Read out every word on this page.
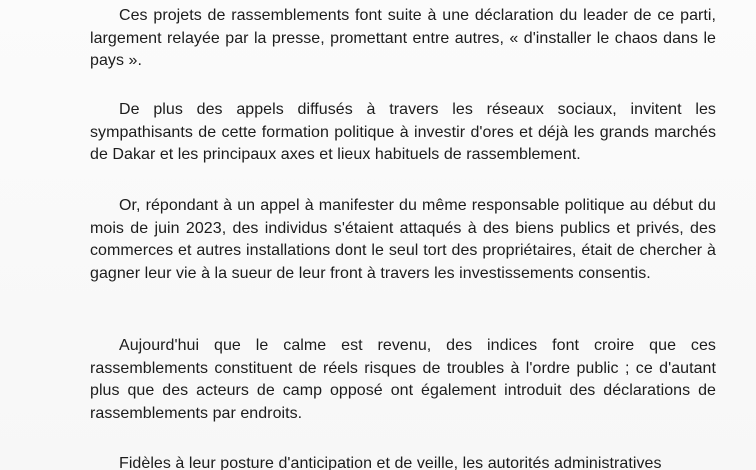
Ces projets de rassemblements font suite à une déclaration du leader de ce parti, largement relayée par la presse, promettant entre autres, « d'installer le chaos dans le pays ».

De plus des appels diffusés à travers les réseaux sociaux, invitent les sympathisants de cette formation politique à investir d'ores et déjà les grands marchés de Dakar et les principaux axes et lieux habituels de rassemblement.

Or, répondant à un appel à manifester du même responsable politique au début du mois de juin 2023, des individus s'étaient attaqués à des biens publics et privés, des commerces et autres installations dont le seul tort des propriétaires, était de chercher à gagner leur vie à la sueur de leur front à travers les investissements consentis.

Aujourd'hui que le calme est revenu, des indices font croire que ces rassemblements constituent de réels risques de troubles à l'ordre public ; ce d'autant plus que des acteurs de camp opposé ont également introduit des déclarations de rassemblements par endroits.

Fidèles à leur posture d'anticipation et de veille, les autorités administratives
